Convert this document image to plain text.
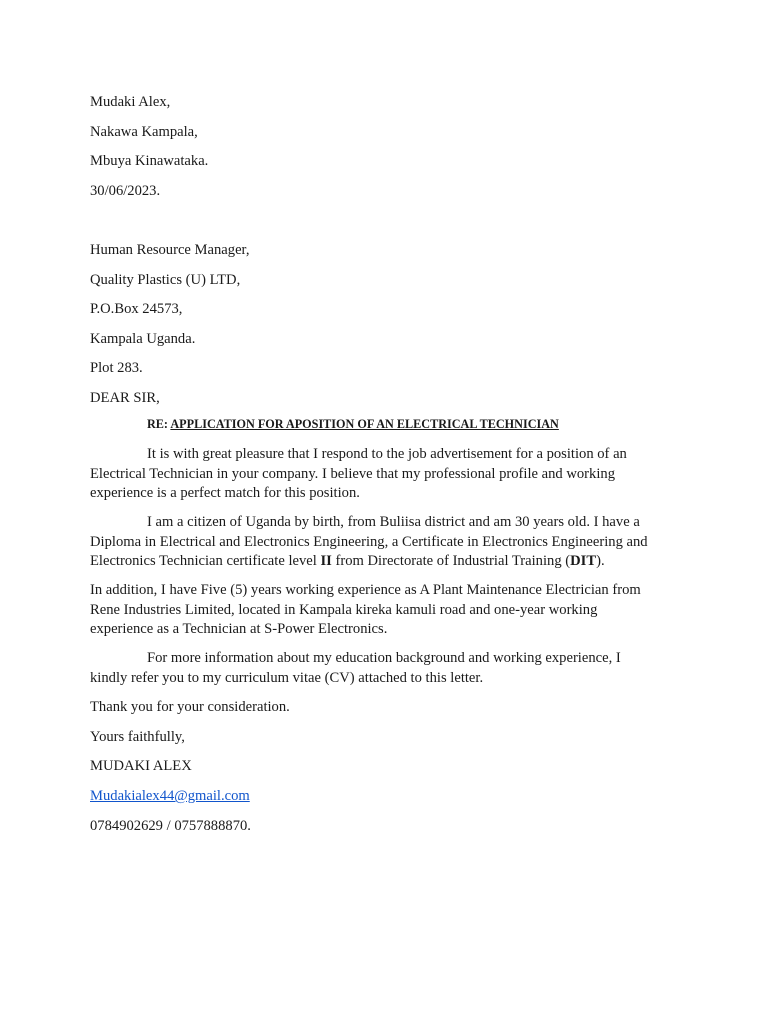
Mudaki Alex,
Nakawa Kampala,
Mbuya Kinawataka.
30/06/2023.
Human Resource Manager,
Quality Plastics (U) LTD,
P.O.Box 24573,
Kampala Uganda.
Plot 283.
DEAR SIR,
RE: APPLICATION FOR APOSITION OF AN ELECTRICAL TECHNICIAN
It is with great pleasure that I respond to the job advertisement for a position of an
Electrical Technician in your company. I believe that my professional profile and working
experience is a perfect match for this position.
I am a citizen of Uganda by birth, from Buliisa district and am 30 years old. I have a
Diploma in Electrical and Electronics Engineering, a Certificate in Electronics Engineering and
Electronics Technician certificate level II from Directorate of Industrial Training (DIT).
In addition, I have Five (5) years working experience as A Plant Maintenance Electrician from
Rene Industries Limited, located in Kampala kireka kamuli road and one-year working
experience as a Technician at S-Power Electronics.
For more information about my education background and working experience, I
kindly refer you to my curriculum vitae (CV) attached to this letter.
Thank you for your consideration.
Yours faithfully,
MUDAKI ALEX
Mudakialex44@gmail.com
0784902629 / 0757888870.
